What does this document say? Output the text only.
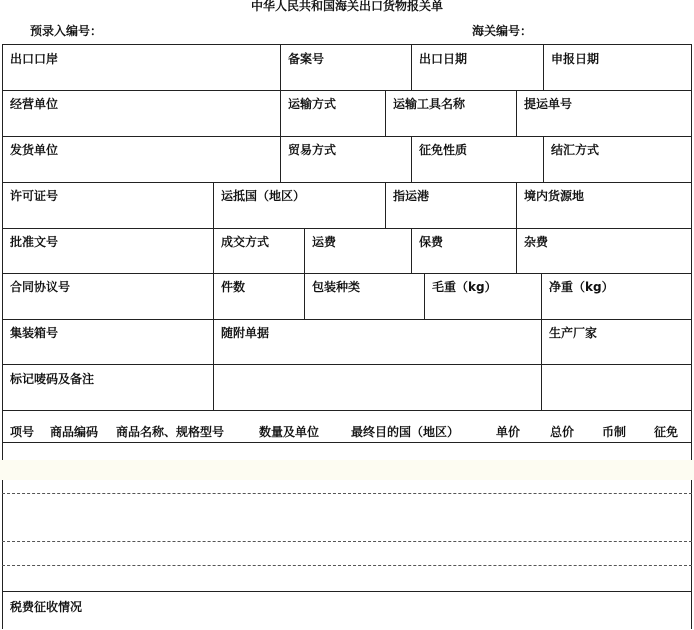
中华人民共和国海关出口货物报关单
预录入编号：	海关编号：
出口口岸	备案号	出口日期	申报日期
经营单位	运输方式	运输工具名称	提运单号
发货单位	贸易方式	征免性质	结汇方式
许可证号	运抵国（地区）	指运港	境内货源地
批准文号	成交方式	运费	保费	杂费
合同协议号	件数	包装种类	毛重（kg）	净重（kg）
集装箱号	随附单据	生产厂家
标记唛码及备注
项号 商品编码 商品名称、规格型号	数量及单位	最终目的国（地区）	单价 总价 币制 征免
税费征收情况
